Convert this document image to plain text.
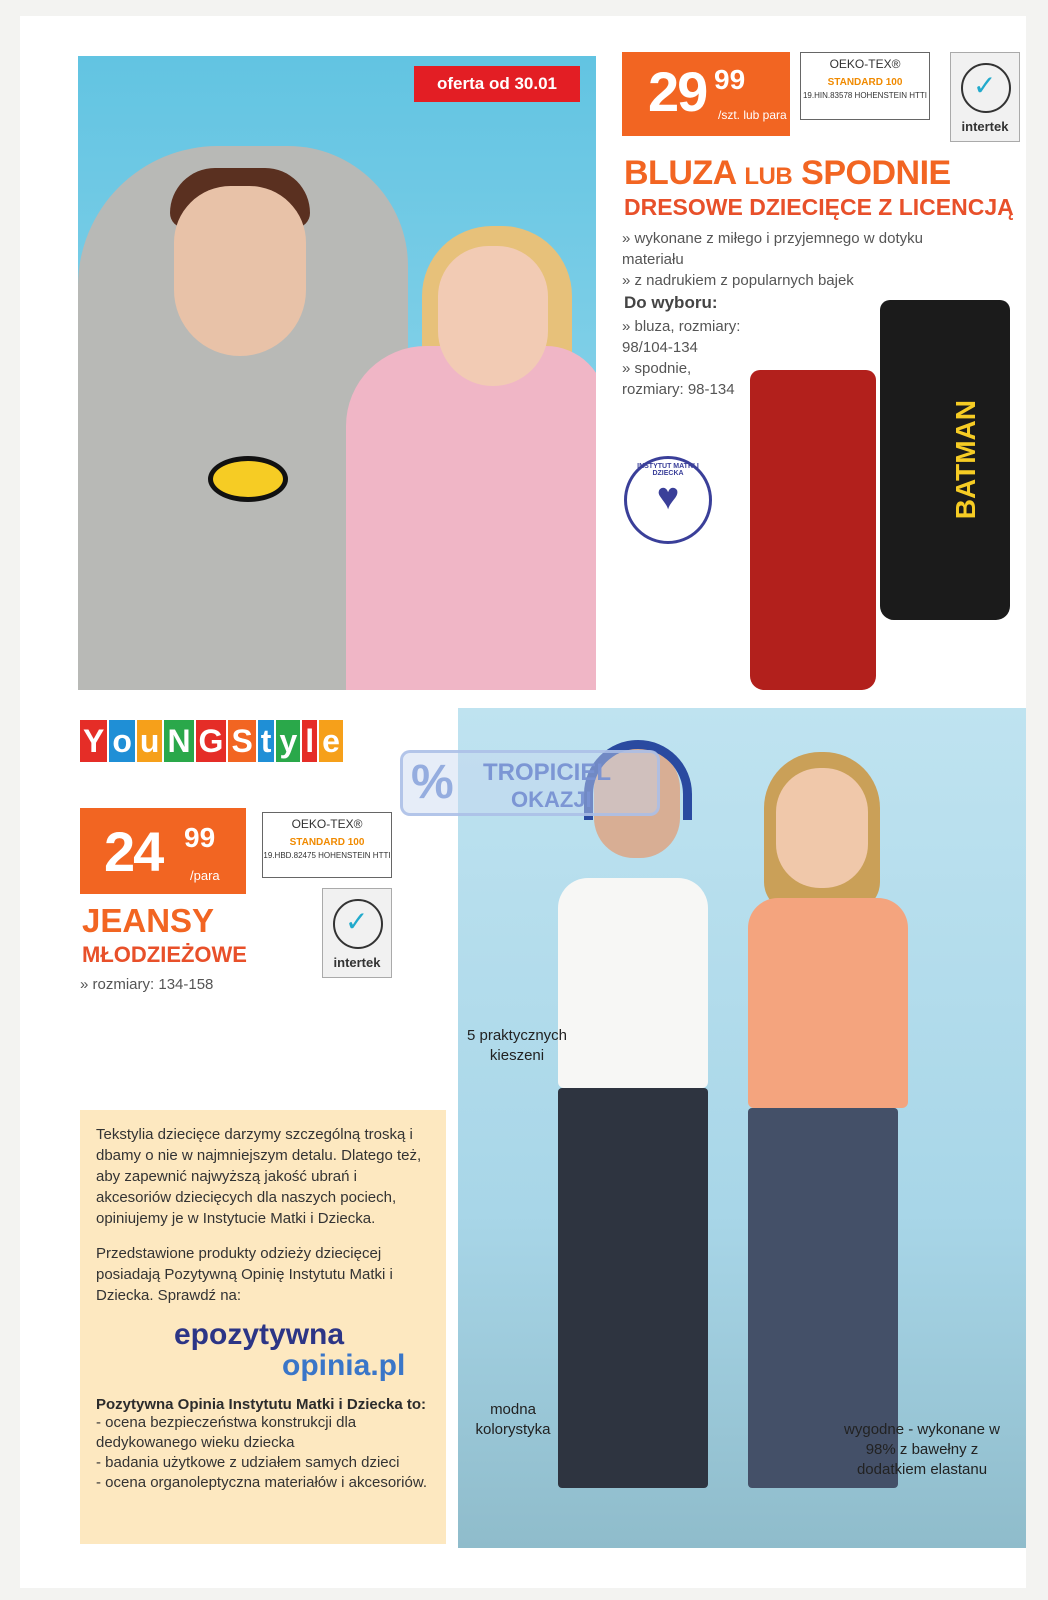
oferta od 30.01	29 99
/szt. lub para
OEKO-TEX®
STANDARD 100
19.HIN.83578 HOHENSTEIN HTTI ✓
intertek
BLUZA LUB SPODNIE
DRESOWE DZIECIĘCE Z LICENCJĄ
» wykonane z miłego i przyjemnego w dotyku materiału
» z nadrukiem z popularnych bajek
Do wyboru:
» bluza, rozmiary: 98/104-134
» spodnie, rozmiary: 98-134
INSTYTUT MATKI I DZIECKA
♥	BATMAN
Y o u N G S t y l e
24 99
/para
OEKO-TEX®
STANDARD 100
19.HBD.82475 HOHENSTEIN HTTI
✓
intertek
JEANSY
MŁODZIEŻOWE
» rozmiary: 134-158

Tekstylia dziecięce darzymy szczególną troską i dbamy o nie w najmniejszym detalu. Dlatego też, aby zapewnić najwyższą jakość ubrań i akcesoriów dziecięcych dla naszych pociech, opiniujemy je w Instytucie Matki i Dziecka.

Przedstawione produkty odzieży dziecięcej posiadają Pozytywną Opinię Instytutu Matki i Dziecka. Sprawdź na:

epozytywna
opinia.pl
Pozytywna Opinia Instytutu Matki i Dziecka to:
- ocena bezpieczeństwa konstrukcji dla dedykowanego wieku dziecka
- badania użytkowe z udziałem samych dzieci
- ocena organoleptyczna materiałów i akcesoriów.
5 praktycznych kieszeni
modna kolorystyka	wygodne - wykonane w 98% z bawełny z dodatkiem elastanu
% TROPICIEL
OKAZJI
